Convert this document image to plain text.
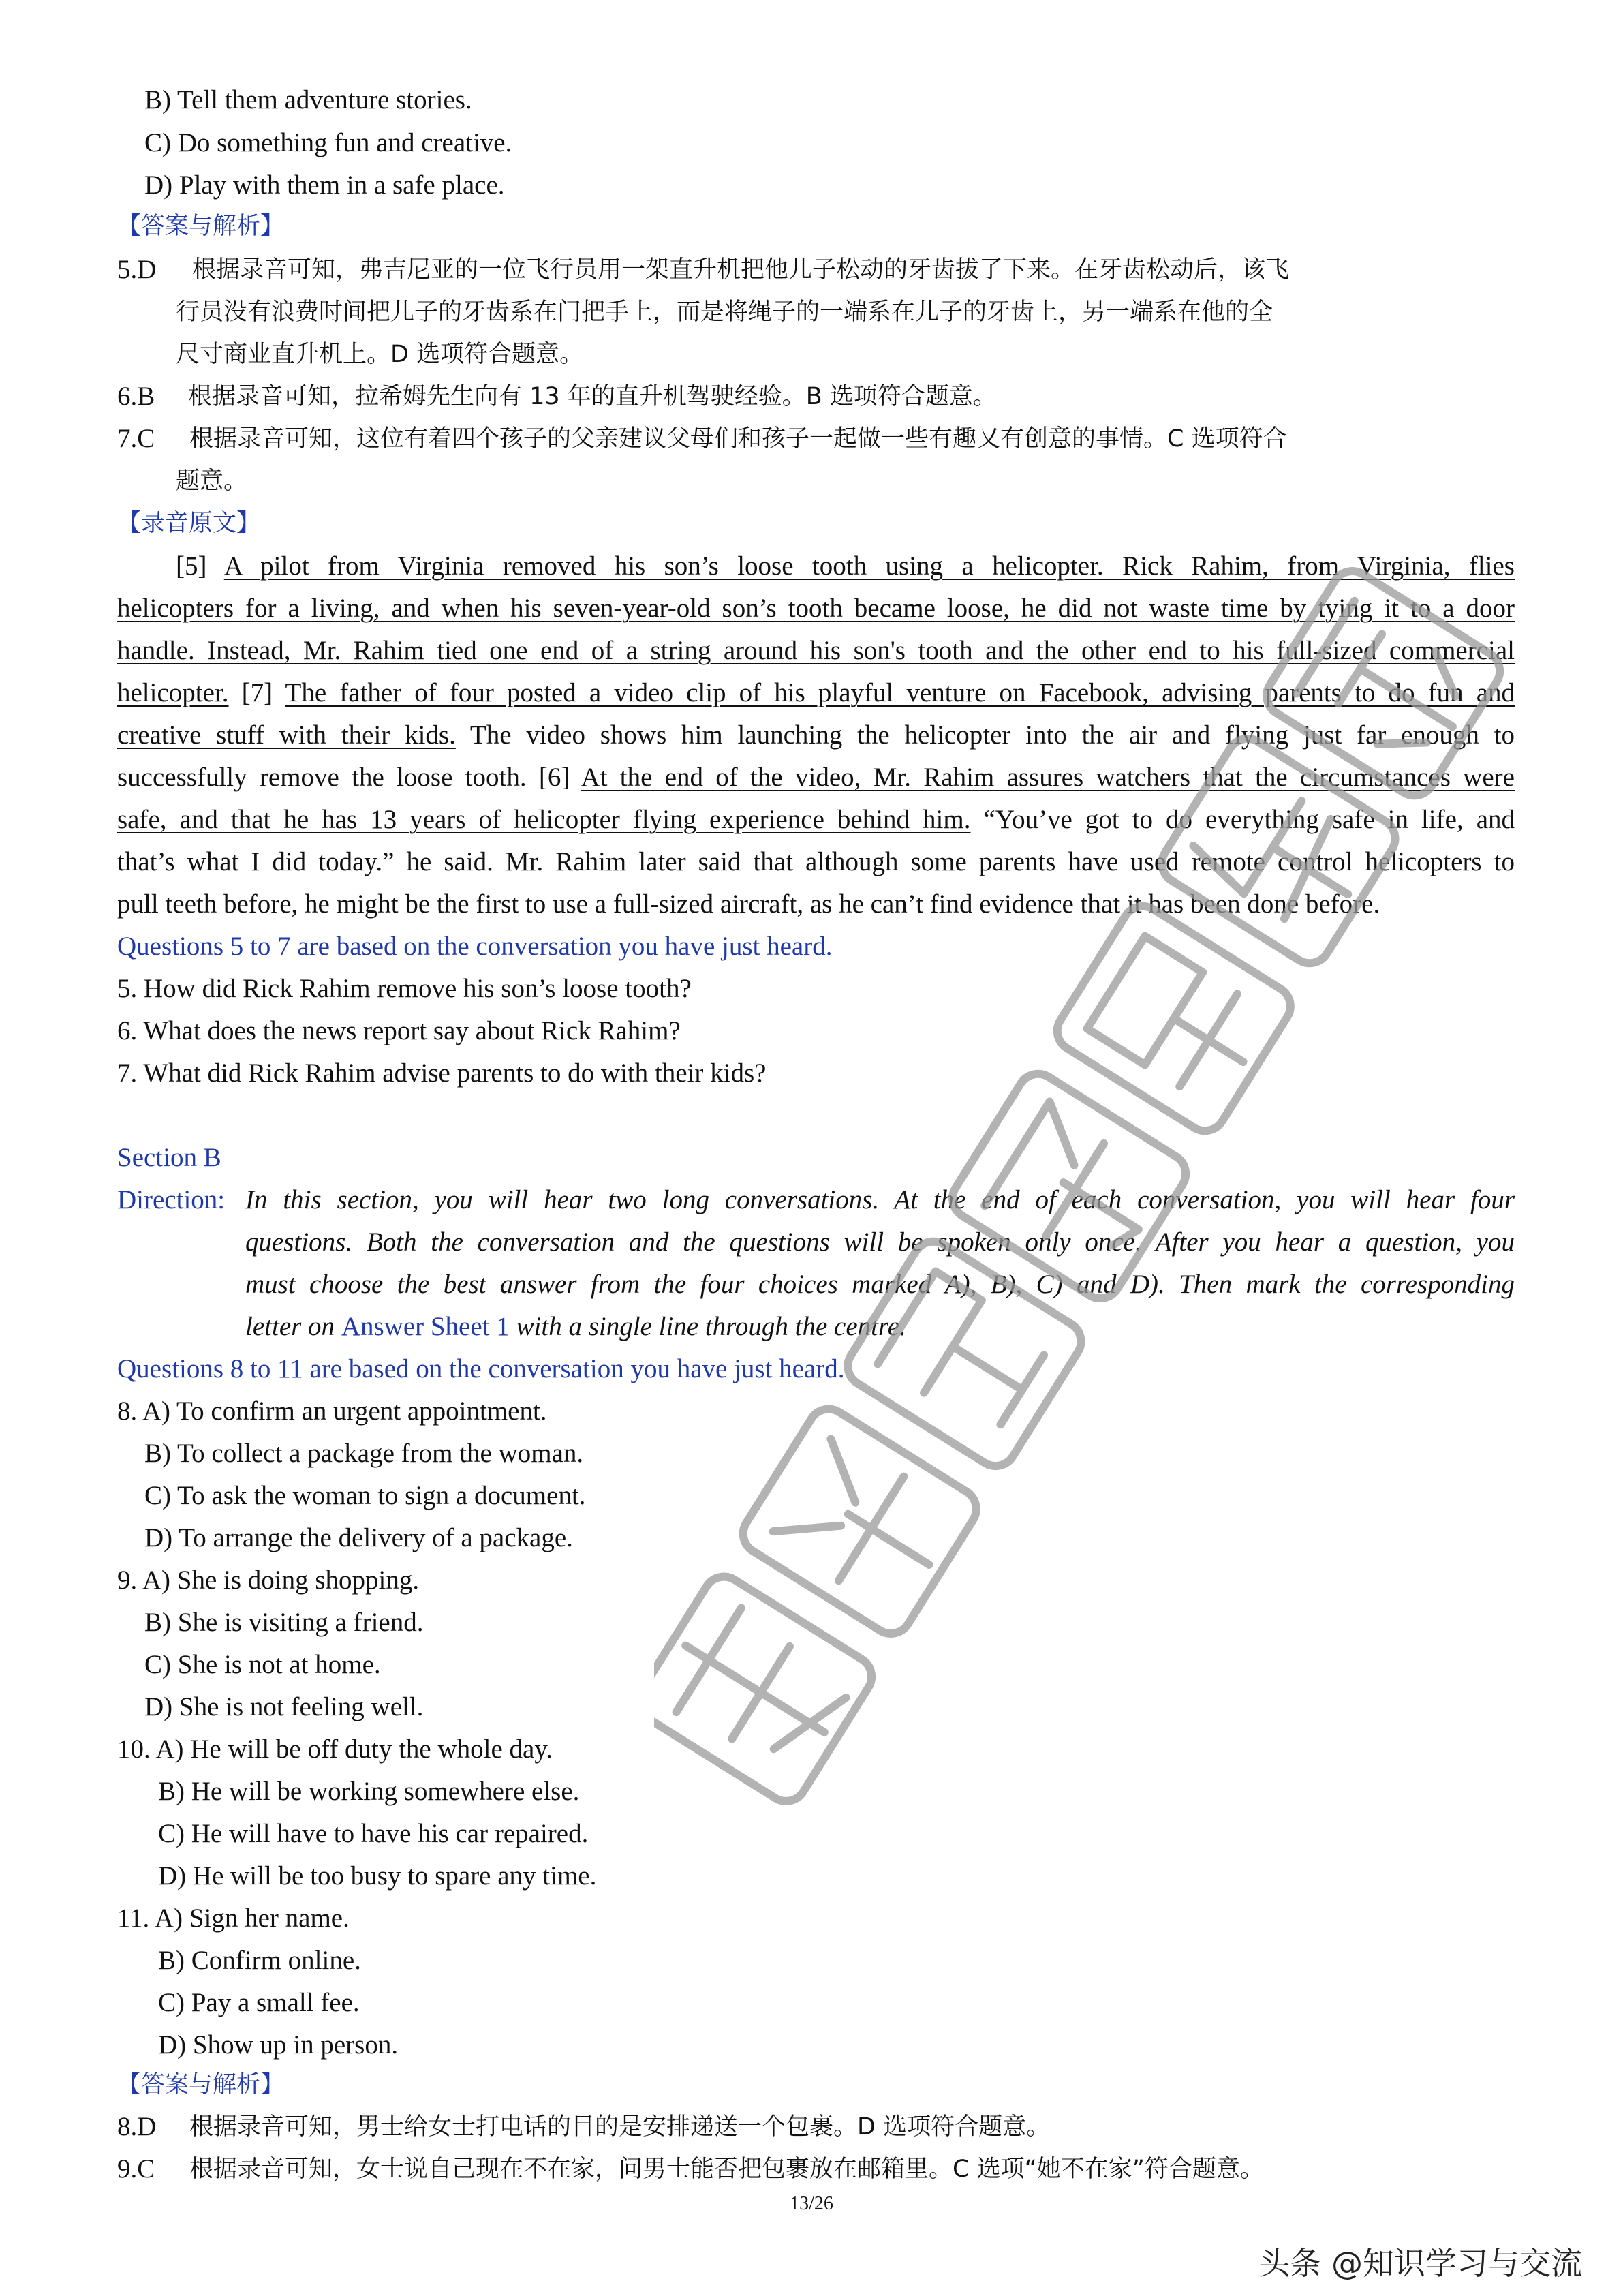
B) Tell them adventure stories.
C) Do something fun and creative.
D) Play with them in a safe place.
【答案与解析】
5.D 根据录音可知，弗吉尼亚的一位飞行员用一架直升机把他儿子松动的牙齿拔了下来。在牙齿松动后，该飞
行员没有浪费时间把儿子的牙齿系在门把手上，而是将绳子的一端系在儿子的牙齿上，另一端系在他的全
尺寸商业直升机上。D 选项符合题意。
6.B 根据录音可知，拉希姆先生向有 13 年的直升机驾驶经验。B 选项符合题意。
7.C 根据录音可知，这位有着四个孩子的父亲建议父母们和孩子一起做一些有趣又有创意的事情。C 选项符合
题意。
【录音原文】
[5] A pilot from Virginia removed his son’s loose tooth using a helicopter. Rick Rahim, from Virginia, flies
helicopters for a living, and when his seven-year-old son’s tooth became loose, he did not waste time by tying it to a door
handle. Instead, Mr. Rahim tied one end of a string around his son's tooth and the other end to his full-sized commercial
helicopter. [7] The father of four posted a video clip of his playful venture on Facebook, advising parents to do fun and
creative stuff with their kids. The video shows him launching the helicopter into the air and flying just far enough to
successfully remove the loose tooth. [6] At the end of the video, Mr. Rahim assures watchers that the circumstances were
safe, and that he has 13 years of helicopter flying experience behind him. “You’ve got to do everything safe in life, and
that’s what I did today.” he said. Mr. Rahim later said that although some parents have used remote control helicopters to
pull teeth before, he might be the first to use a full-sized aircraft, as he can’t find evidence that it has been done before.
Questions 5 to 7 are based on the conversation you have just heard.
5. How did Rick Rahim remove his son’s loose tooth?
6. What does the news report say about Rick Rahim?
7. What did Rick Rahim advise parents to do with their kids?
Section B
Direction: In this section, you will hear two long conversations. At the end of each conversation, you will hear four
questions. Both the conversation and the questions will be spoken only once. After you hear a question, you
must choose the best answer from the four choices marked A), B), C) and D). Then mark the corresponding
letter on Answer Sheet 1 with a single line through the centre.
Questions 8 to 11 are based on the conversation you have just heard.
8. A) To confirm an urgent appointment.
B) To collect a package from the woman.
C) To ask the woman to sign a document.
D) To arrange the delivery of a package.
9. A) She is doing shopping.
B) She is visiting a friend.
C) She is not at home.
D) She is not feeling well.
10. A) He will be off duty the whole day.
B) He will be working somewhere else.
C) He will have to have his car repaired.
D) He will be too busy to spare any time.
11. A) Sign her name.
B) Confirm online.
C) Pay a small fee.
D) Show up in person.
【答案与解析】
8.D 根据录音可知，男士给女士打电话的目的是安排递送一个包裹。D 选项符合题意。
9.C 根据录音可知，女士说自己现在不在家，问男士能否把包裹放在邮箱里。C 选项“她不在家”符合题意。
13/26
头条 @知识学习与交流
